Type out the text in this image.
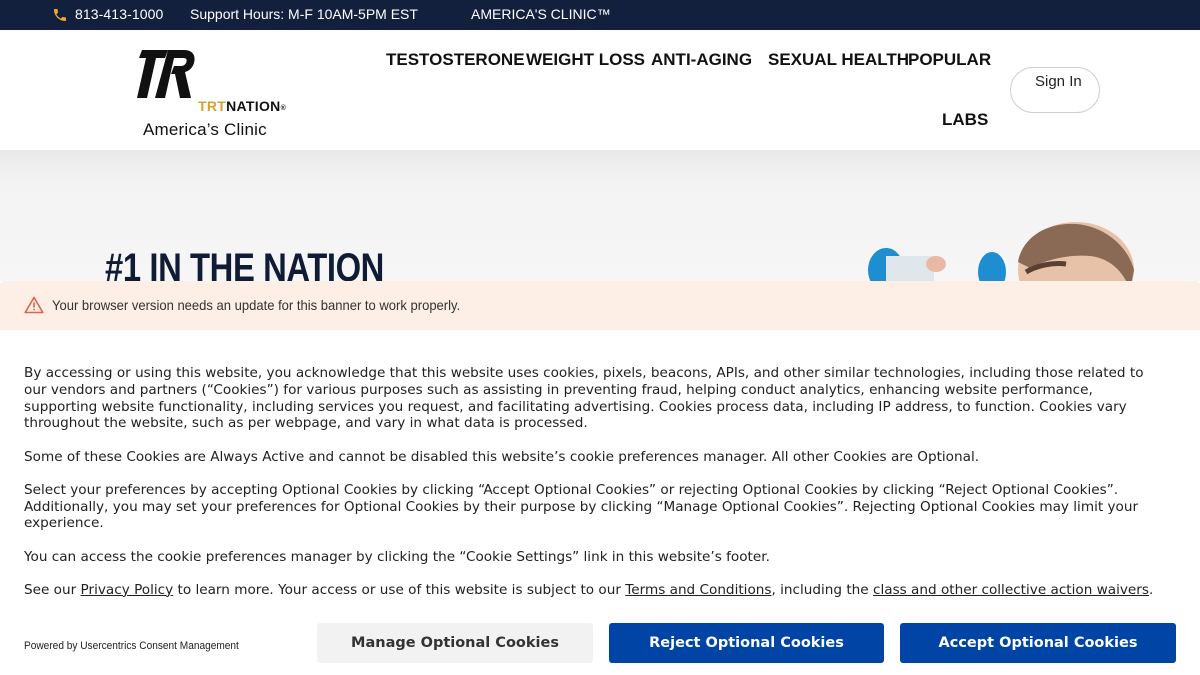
813-413-1000 Support Hours: M-F 10AM-5PM EST	AMERICA'S CLINIC™
TRTNATION®
America’s Clinic
TESTOSTERONE WEIGHT LOSS ANTI-AGING SEXUAL HEALTH
POPULAR
LABS
Sign In
#1 IN THE NATION
Your browser version needs an update for this banner to work properly.

By accessing or using this website, you acknowledge that this website uses cookies, pixels, beacons, APIs, and other similar technologies, including those related to our vendors and partners (“Cookies”) for various purposes such as assisting in preventing fraud, helping conduct analytics, enhancing website performance, supporting website functionality, including services you request, and facilitating advertising. Cookies process data, including IP address, to function. Cookies vary throughout the website, such as per webpage, and vary in what data is processed.

Some of these Cookies are Always Active and cannot be disabled this website’s cookie preferences manager. All other Cookies are Optional.

Select your preferences by accepting Optional Cookies by clicking “Accept Optional Cookies” or rejecting Optional Cookies by clicking “Reject Optional Cookies”. Additionally, you may set your preferences for Optional Cookies by their purpose by clicking “Manage Optional Cookies”. Rejecting Optional Cookies may limit your experience.

You can access the cookie preferences manager by clicking the “Cookie Settings” link in this website’s footer.

See our Privacy Policy to learn more. Your access or use of this website is subject to our Terms and Conditions, including the class and other collective action waivers.

Powered by Usercentrics Consent Management	Manage Optional Cookies	Reject Optional Cookies	Accept Optional Cookies
